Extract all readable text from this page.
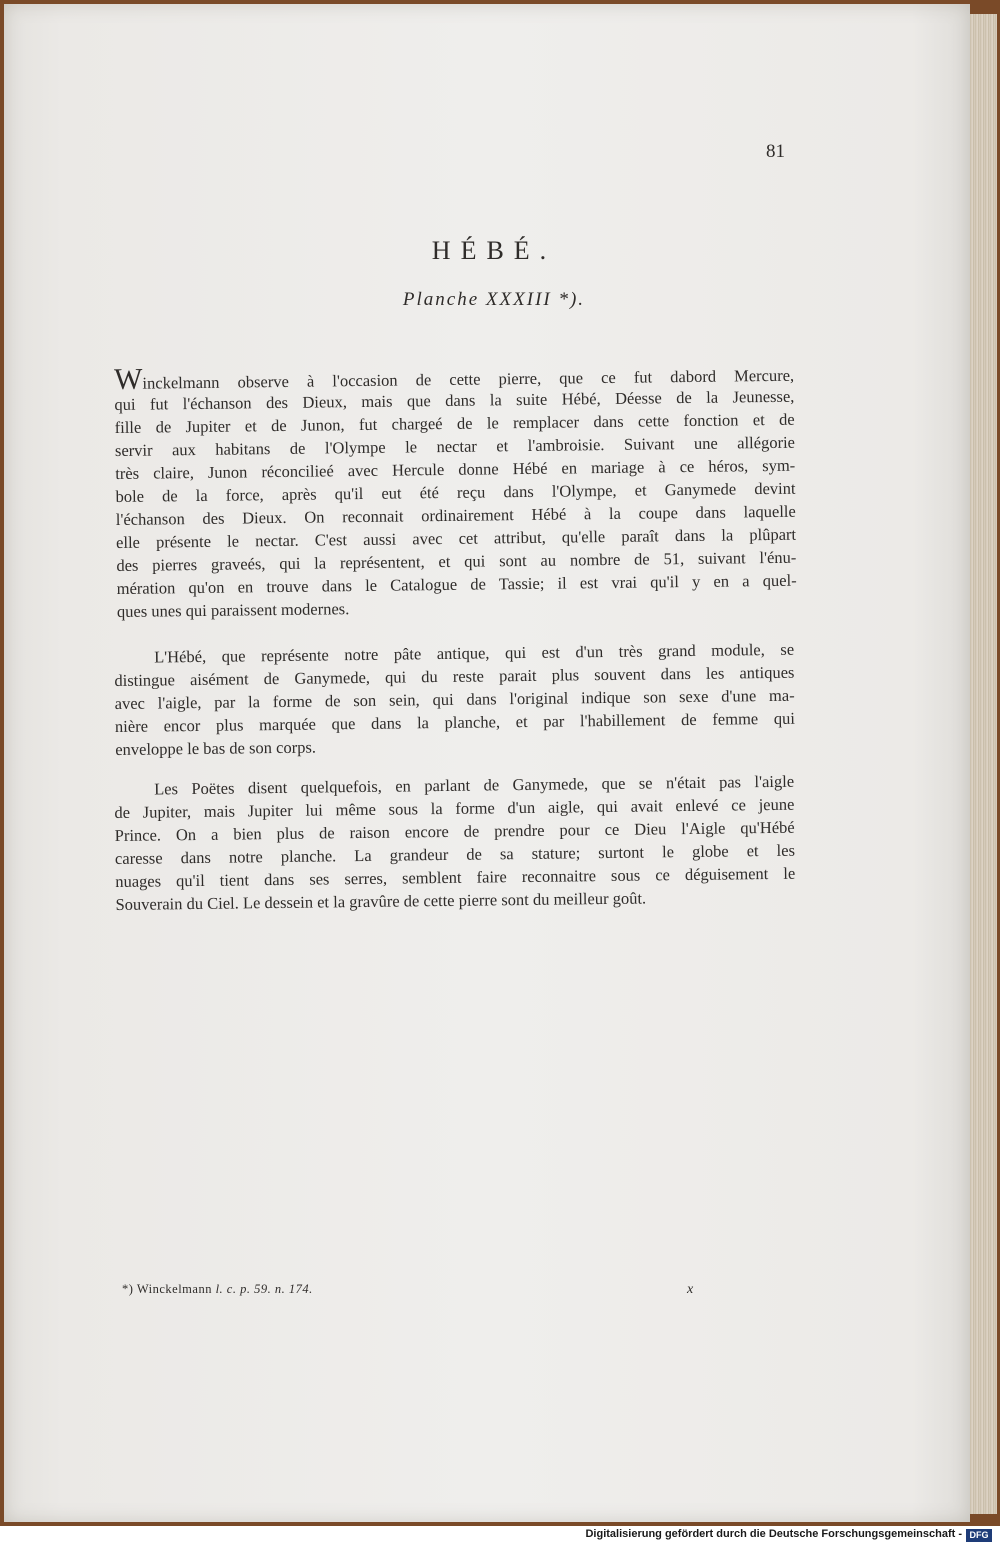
81
HÉBÉ.
Planche XXXIII *).
Winckelmann observe à l'occasion de cette pierre, que ce fut dabord Mercure,
qui fut l'échanson des Dieux, mais que dans la suite Hébé, Déesse de la Jeunesse,
fille de Jupiter et de Junon, fut chargeé de le remplacer dans cette fonction et de
servir aux habitans de l'Olympe le nectar et l'ambroisie. Suivant une allégorie
très claire, Junon réconcilieé avec Hercule donne Hébé en mariage à ce héros, sym-
bole de la force, après qu'il eut été reçu dans l'Olympe, et Ganymede devint
l'échanson des Dieux. On reconnait ordinairement Hébé à la coupe dans laquelle
elle présente le nectar. C'est aussi avec cet attribut, qu'elle paraît dans la plûpart
des pierres graveés, qui la représentent, et qui sont au nombre de 51, suivant l'énu-
mération qu'on en trouve dans le Catalogue de Tassie; il est vrai qu'il y en a quel-
ques unes qui paraissent modernes.
L'Hébé, que représente notre pâte antique, qui est d'un très grand module, se
distingue aisément de Ganymede, qui du reste parait plus souvent dans les antiques
avec l'aigle, par la forme de son sein, qui dans l'original indique son sexe d'une ma-
nière encor plus marquée que dans la planche, et par l'habillement de femme qui
enveloppe le bas de son corps.
Les Poëtes disent quelquefois, en parlant de Ganymede, que se n'était pas l'aigle
de Jupiter, mais Jupiter lui même sous la forme d'un aigle, qui avait enlevé ce jeune
Prince. On a bien plus de raison encore de prendre pour ce Dieu l'Aigle qu'Hébé
caresse dans notre planche. La grandeur de sa stature; surtont le globe et les
nuages qu'il tient dans ses serres, semblent faire reconnaitre sous ce déguisement le
Souverain du Ciel. Le dessein et la gravûre de cette pierre sont du meilleur goût.
*) Winckelmann l. c. p. 59. n. 174.	x
Digitalisierung gefördert durch die Deutsche Forschungsgemeinschaft - DFG
